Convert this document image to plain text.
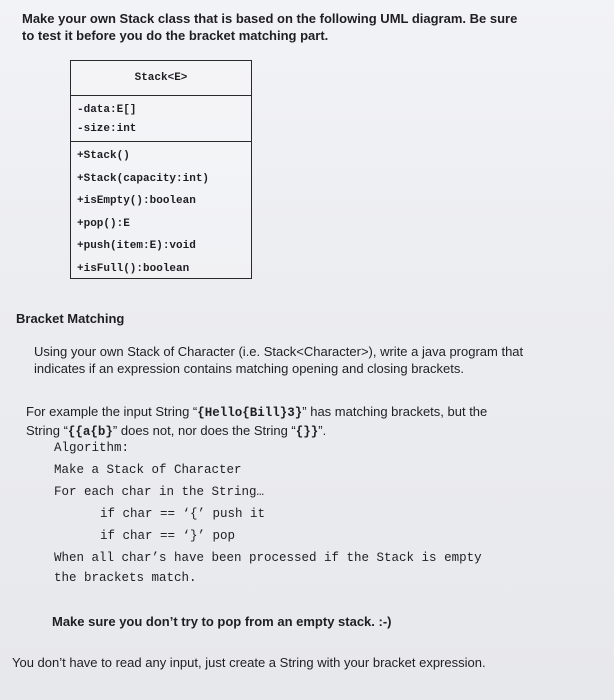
Make your own Stack class that is based on the following UML diagram. Be sure
to test it before you do the bracket matching part.
Stack<E>
-data:E[]
-size:int
+Stack()
+Stack(capacity:int)
+isEmpty():boolean
+pop():E
+push(item:E):void
+isFull():boolean
Bracket Matching
Using your own Stack of Character (i.e. Stack<Character>), write a java program that
indicates if an expression contains matching opening and closing brackets.
For example the input String “{Hello{Bill}3}” has matching brackets, but the
String “{{a{b}” does not, nor does the String “{}}”.
Algorithm:
Make a Stack of Character
For each char in the String…
if char == ‘{’ push it
if char == ‘}’ pop
When all char’s have been processed if the Stack is empty
the brackets match.
Make sure you don’t try to pop from an empty stack. :-)
You don’t have to read any input, just create a String with your bracket expression.
